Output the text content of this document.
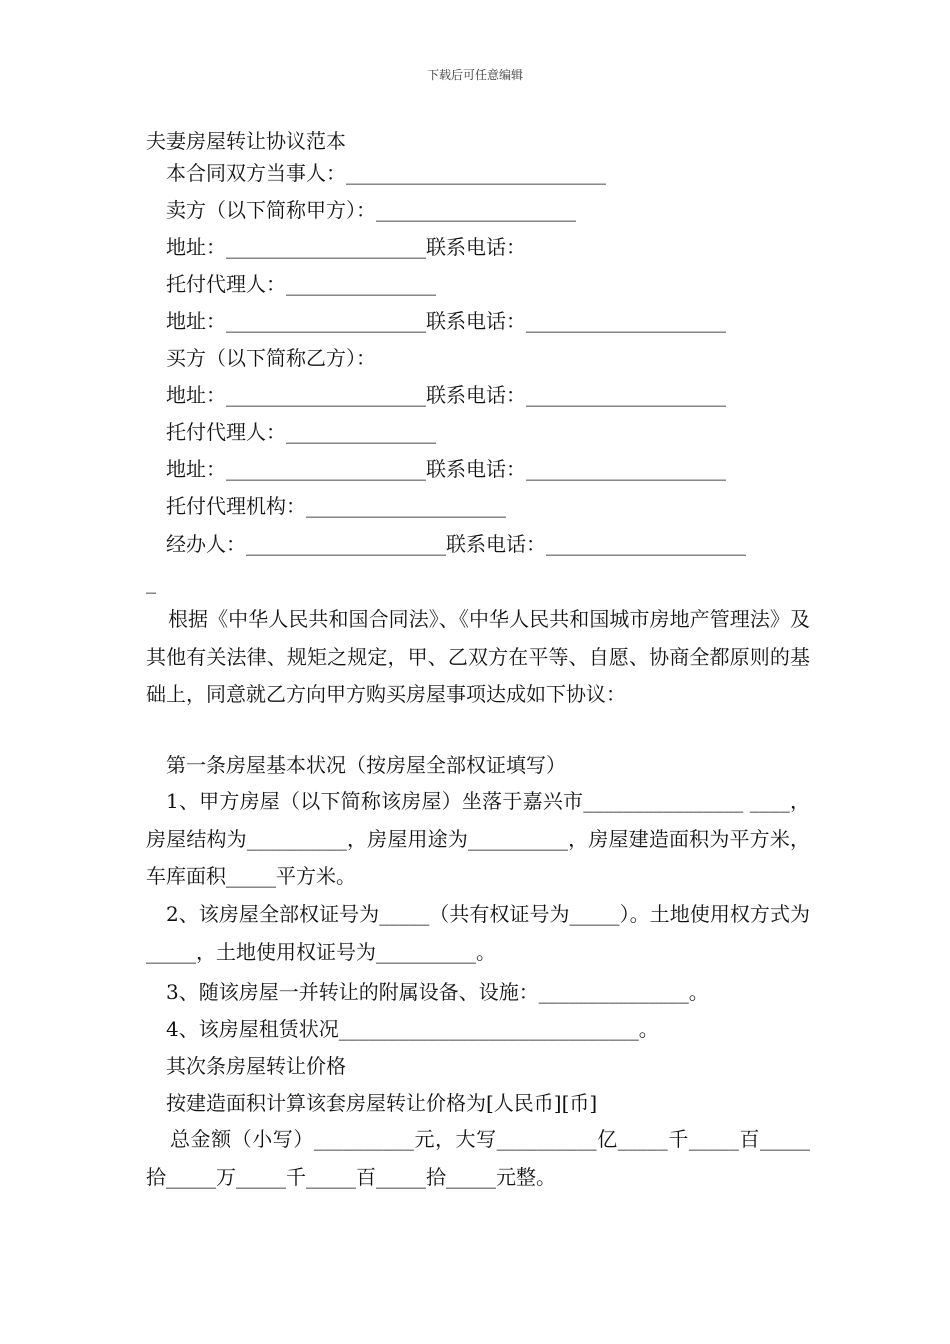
下载后可任意编辑
夫妻房屋转让协议范本
本合同双方当事人：__________________________
卖方（以下简称甲方）：____________________
地址：____________________联系电话：
托付代理人：_______________
地址：____________________联系电话：____________________
买方（以下简称乙方）：
地址：____________________联系电话：____________________
托付代理人：_______________
地址：____________________联系电话：____________________
托付代理机构：____________________
经办人：____________________联系电话：____________________
_
根据《中华人民共和国合同法》、《中华人民共和国城市房地产管理法》及其他有关法律、规矩之规定，甲、乙双方在平等、自愿、协商全都原则的基础上，同意就乙方向甲方购买房屋事项达成如下协议：
第一条房屋基本状况（按房屋全部权证填写）
1、甲方房屋（以下简称该房屋）坐落于嘉兴市________________ ____，房屋结构为__________，房屋用途为__________，房屋建造面积为平方米，车库面积_____平方米。
2、该房屋全部权证号为_____（共有权证号为_____）。土地使用权方式为_____，土地使用权证号为__________。
3、随该房屋一并转让的附属设备、设施：_______________。
4、该房屋租赁状况______________________________。
其次条房屋转让价格
按建造面积计算该套房屋转让价格为[人民币][币]
总金额（小写）__________元，大写__________亿_____千_____百_____拾_____万_____千_____百_____拾_____元整。
